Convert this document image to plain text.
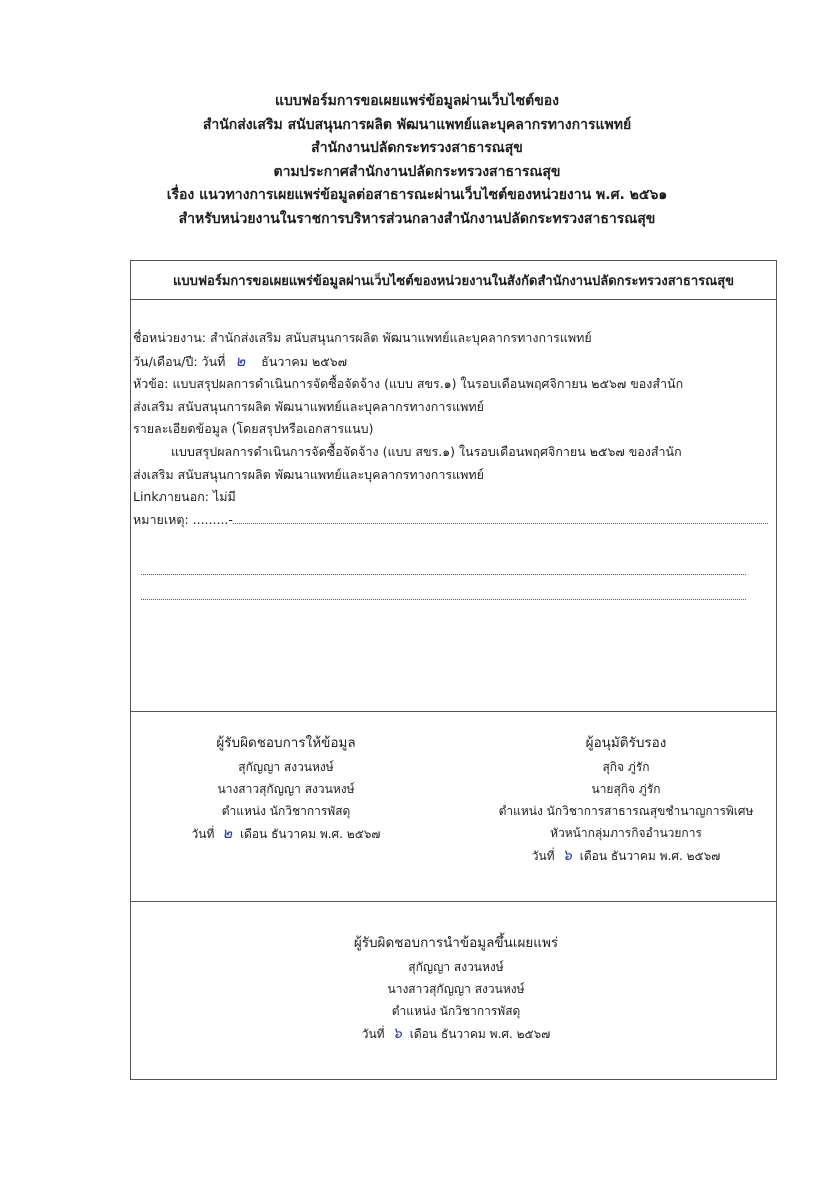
แบบฟอร์มการขอเผยแพร่ข้อมูลผ่านเว็บไซต์ของ
สำนักส่งเสริม สนับสนุนการผลิต พัฒนาแพทย์และบุคลากรทางการแพทย์
สำนักงานปลัดกระทรวงสาธารณสุข
ตามประกาศสำนักงานปลัดกระทรวงสาธารณสุข
เรื่อง แนวทางการเผยแพร่ข้อมูลต่อสาธารณะผ่านเว็บไซต์ของหน่วยงาน พ.ศ. ๒๕๖๑
สำหรับหน่วยงานในราชการบริหารส่วนกลางสำนักงานปลัดกระทรวงสาธารณสุข
แบบฟอร์มการขอเผยแพร่ข้อมูลผ่านเว็บไซต์ของหน่วยงานในสังกัดสำนักงานปลัดกระทรวงสาธารณสุข
ชื่อหน่วยงาน: สำนักส่งเสริม สนับสนุนการผลิต พัฒนาแพทย์และบุคลากรทางการแพทย์
วัน/เดือน/ปี: วันที่ ๒ ธันวาคม ๒๕๖๗
หัวข้อ: แบบสรุปผลการดำเนินการจัดซื้อจัดจ้าง (แบบ สขร.๑) ในรอบเดือนพฤศจิกายน ๒๕๖๗ ของสำนัก
ส่งเสริม สนับสนุนการผลิต พัฒนาแพทย์และบุคลากรทางการแพทย์
รายละเอียดข้อมูล (โดยสรุปหรือเอกสารแนบ)
แบบสรุปผลการดำเนินการจัดซื้อจัดจ้าง (แบบ สขร.๑) ในรอบเดือนพฤศจิกายน ๒๕๖๗ ของสำนัก
ส่งเสริม สนับสนุนการผลิต พัฒนาแพทย์และบุคลากรทางการแพทย์
Linkภายนอก: ไม่มี
หมายเหตุ: .........-
ผู้รับผิดชอบการให้ข้อมูล
สุกัญญา สงวนหงษ์
นางสาวสุกัญญา สงวนหงษ์
ตำแหน่ง นักวิชาการพัสดุ
วันที่ ๒ เดือน ธันวาคม พ.ศ. ๒๕๖๗
ผู้อนุมัติรับรอง
สุกิจ ภู่รัก
นายสุกิจ ภู่รัก
ตำแหน่ง นักวิชาการสาธารณสุขชำนาญการพิเศษ
หัวหน้ากลุ่มภารกิจอำนวยการ
วันที่ ๖ เดือน ธันวาคม พ.ศ. ๒๕๖๗
ผู้รับผิดชอบการนำข้อมูลขึ้นเผยแพร่
สุกัญญา สงวนหงษ์
นางสาวสุกัญญา สงวนหงษ์
ตำแหน่ง นักวิชาการพัสดุ
วันที่ ๖ เดือน ธันวาคม พ.ศ. ๒๕๖๗
